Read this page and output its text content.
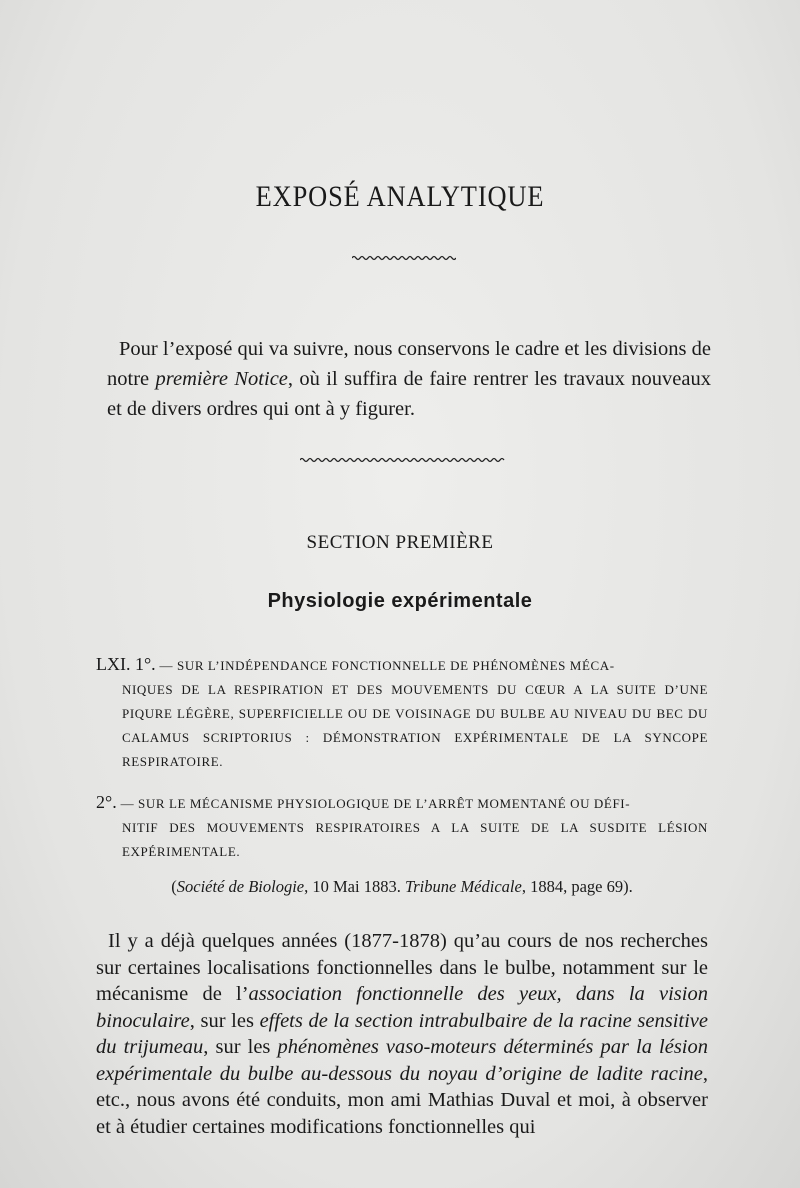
EXPOSÉ ANALYTIQUE

Pour l’exposé qui va suivre, nous conservons le cadre et les divisions de notre première Notice, où il suffira de faire rentrer les travaux nouveaux et de divers ordres qui ont à y figurer.

SECTION PREMIÈRE
Physiologie expérimentale
LXI. 1°. — SUR L’INDÉPENDANCE FONCTIONNELLE DE PHÉNOMÈNES MÉCA-
NIQUES DE LA RESPIRATION ET DES MOUVEMENTS DU CŒUR A LA SUITE D’UNE PIQURE LÉGÈRE, SUPERFICIELLE OU DE VOISINAGE DU BULBE AU NIVEAU DU BEC DU CALAMUS SCRIPTORIUS : DÉMONSTRATION EXPÉRIMENTALE DE LA SYNCOPE RESPIRATOIRE.
2°. — SUR LE MÉCANISME PHYSIOLOGIQUE DE L’ARRÊT MOMENTANÉ OU DÉFI-
NITIF DES MOUVEMENTS RESPIRATOIRES A LA SUITE DE LA SUSDITE LÉSION EXPÉRIMENTALE.
(Société de Biologie, 10 Mai 1883. Tribune Médicale, 1884, page 69).

Il y a déjà quelques années (1877-1878) qu’au cours de nos recherches sur certaines localisations fonctionnelles dans le bulbe, notamment sur le mécanisme de l’association fonctionnelle des yeux, dans la vision binoculaire, sur les effets de la section intrabulbaire de la racine sensitive du trijumeau, sur les phénomènes vaso-moteurs déterminés par la lésion expérimentale du bulbe au-dessous du noyau d’origine de ladite racine, etc., nous avons été conduits, mon ami Mathias Duval et moi, à observer et à étudier certaines modifications fonctionnelles qui
